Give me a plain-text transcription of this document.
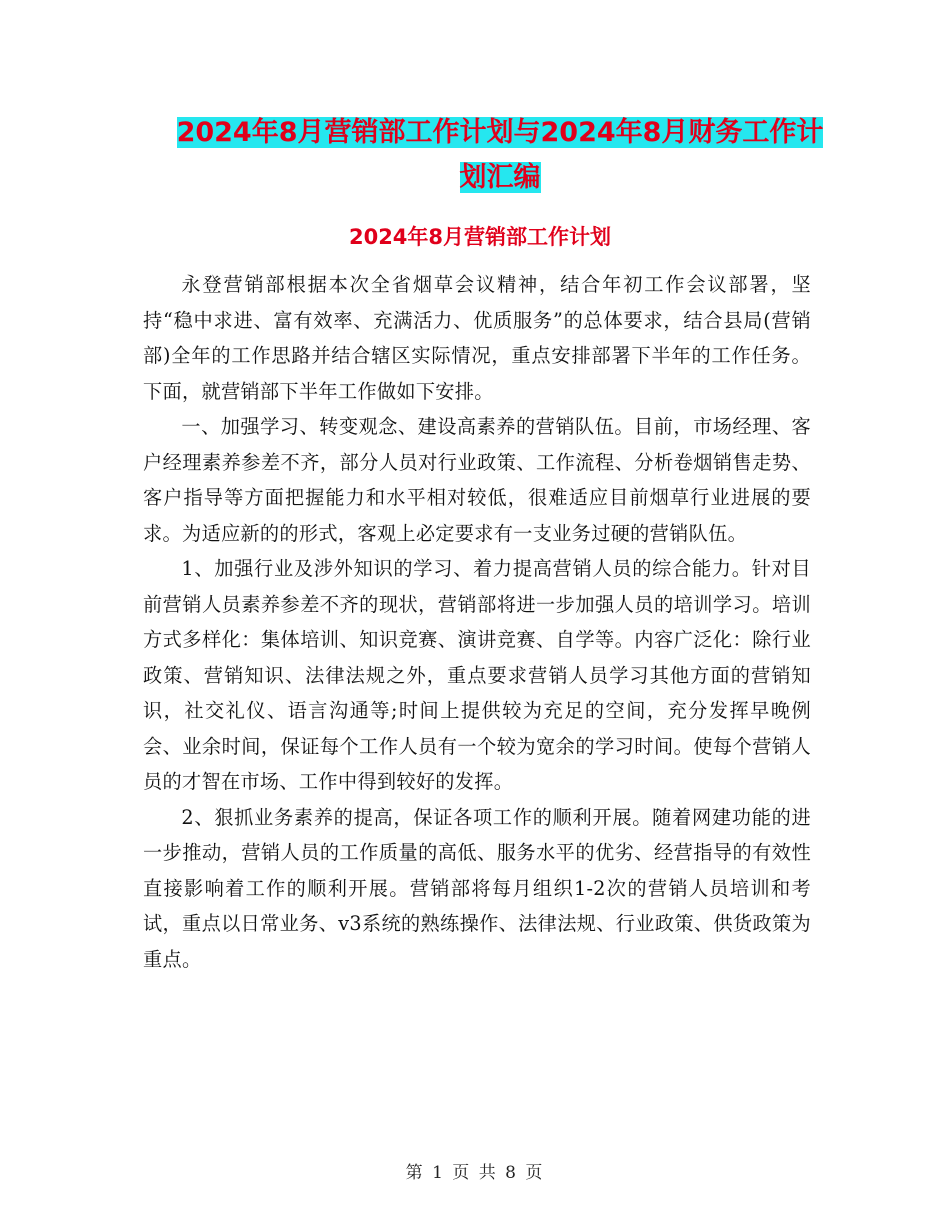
2024年8月营销部工作计划与2024年8月财务工作计
划汇编
2024年8月营销部工作计划

永登营销部根据本次全省烟草会议精神，结合年初工作会议部署，坚持“稳中求进、富有效率、充满活力、优质服务”的总体要求，结合县局(营销部)全年的工作思路并结合辖区实际情况，重点安排部署下半年的工作任务。下面，就营销部下半年工作做如下安排。

一、加强学习、转变观念、建设高素养的营销队伍。目前，市场经理、客户经理素养参差不齐，部分人员对行业政策、工作流程、分析卷烟销售走势、客户指导等方面把握能力和水平相对较低，很难适应目前烟草行业进展的要求。为适应新的的形式，客观上必定要求有一支业务过硬的营销队伍。

1、加强行业及涉外知识的学习、着力提高营销人员的综合能力。针对目前营销人员素养参差不齐的现状，营销部将进一步加强人员的培训学习。培训方式多样化：集体培训、知识竞赛、演讲竞赛、自学等。内容广泛化：除行业政策、营销知识、法律法规之外，重点要求营销人员学习其他方面的营销知识，社交礼仪、语言沟通等;时间上提供较为充足的空间，充分发挥早晚例会、业余时间，保证每个工作人员有一个较为宽余的学习时间。使每个营销人员的才智在市场、工作中得到较好的发挥。

2、狠抓业务素养的提高，保证各项工作的顺利开展。随着网建功能的进一步推动，营销人员的工作质量的高低、服务水平的优劣、经营指导的有效性直接影响着工作的顺利开展。营销部将每月组织1-2次的营销人员培训和考试，重点以日常业务、v3系统的熟练操作、法律法规、行业政策、供货政策为重点。

第 1 页 共 8 页
